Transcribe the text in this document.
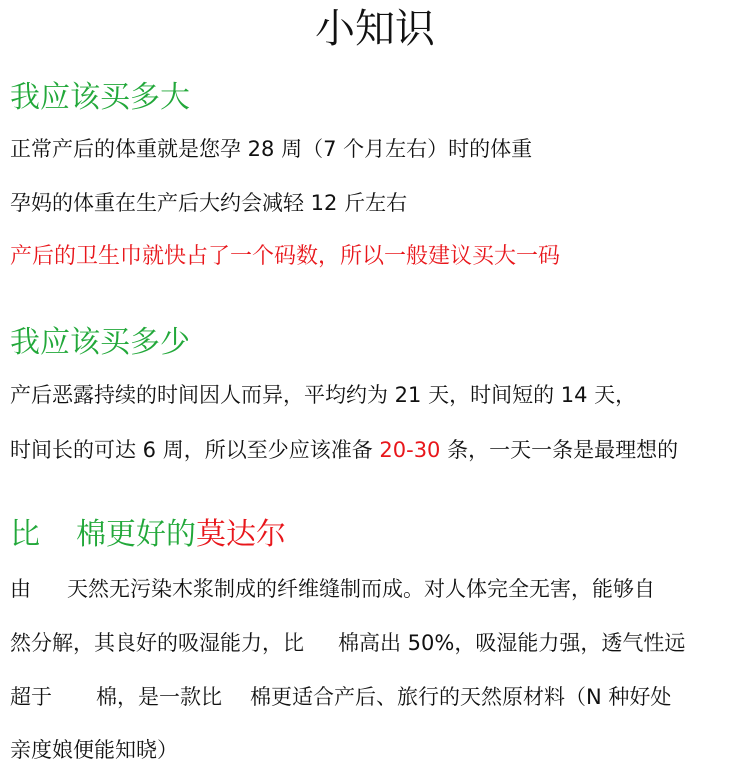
小知识
我应该买多大
正常产后的体重就是您孕 28 周（7 个月左右）时的体重
孕妈的体重在生产后大约会减轻 12 斤左右
产后的卫生巾就快占了一个码数，所以一般建议买大一码
我应该买多少
产后恶露持续的时间因人而异，平均约为 21 天，时间短的 14 天，
时间长的可达 6 周，所以至少应该准备 20-30 条，一天一条是最理想的
比 棉更好的莫达尔
由 天然无污染木浆制成的纤维缝制而成。对人体完全无害，能够自
然分解，其良好的吸湿能力，比 棉高出 50%，吸湿能力强，透气性远
超于 棉，是一款比 棉更适合产后、旅行的天然原材料（N 种好处
亲度娘便能知晓）
